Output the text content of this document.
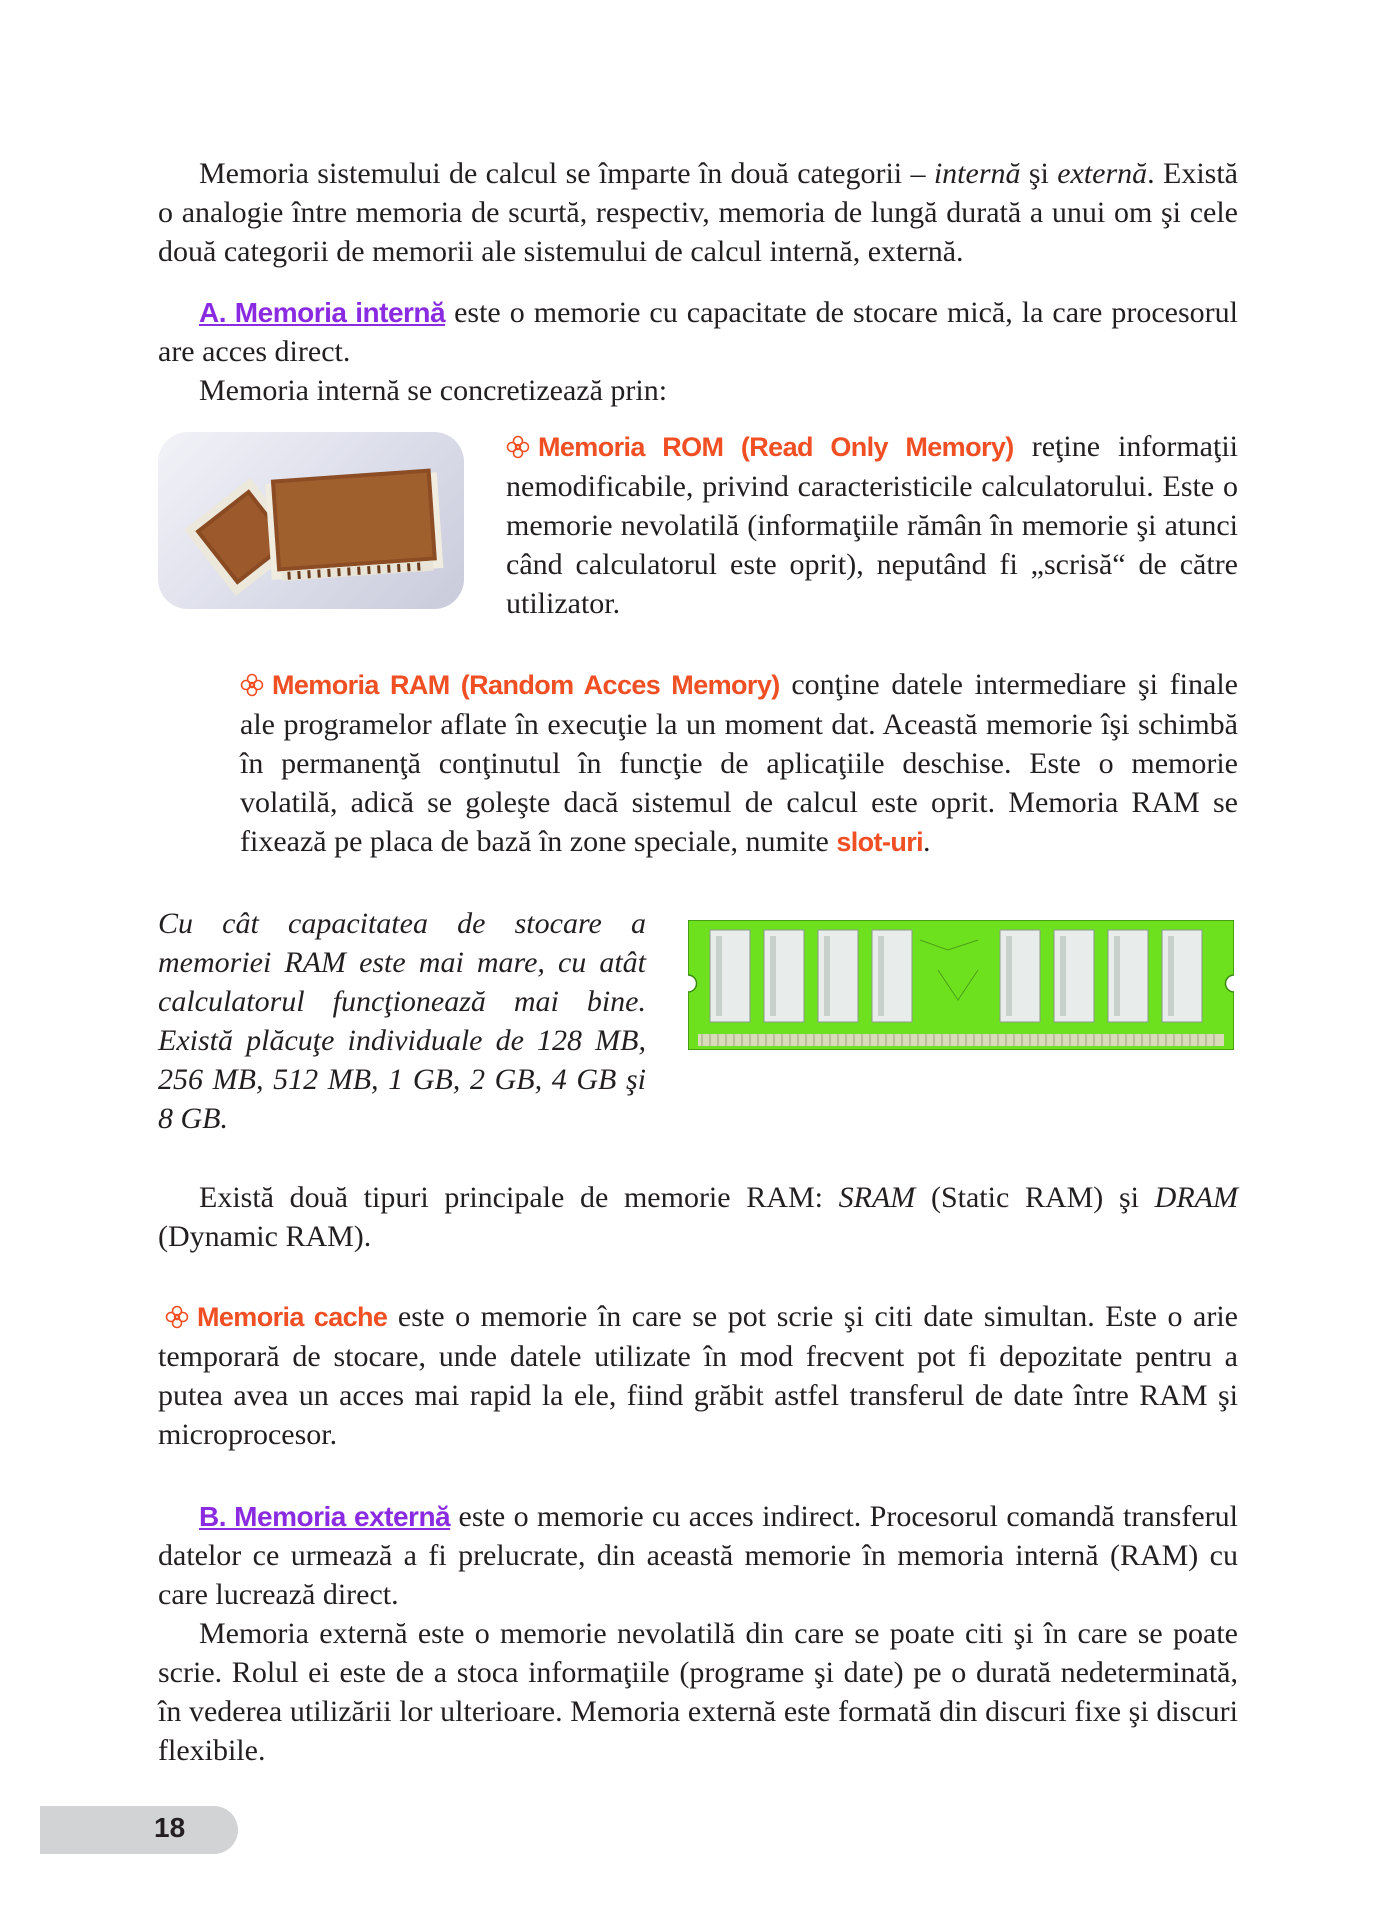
Memoria sistemului de calcul se împarte în două categorii – internă şi externă. Există o analogie între memoria de scurtă, respectiv, memoria de lungă durată a unui om şi cele două categorii de memorii ale sistemului de calcul internă, externă.

A. Memoria internă este o memorie cu capacitate de stocare mică, la care procesorul are acces direct.

Memoria internă se concretizează prin:

Memoria ROM (Read Only Memory) reţine informaţii nemodificabile, privind caracteristicile calculatorului. Este o memorie nevolatilă (informaţiile rămân în memorie şi atunci când calculatorul este oprit), neputând fi „scrisă“ de către utilizator.

Memoria RAM (Random Acces Memory) conţine datele intermediare şi finale ale programelor aflate în execuţie la un moment dat. Această memorie îşi schimbă în permanenţă conţinutul în funcţie de aplicaţiile deschise. Este o memorie volatilă, adică se goleşte dacă sistemul de calcul este oprit. Memoria RAM se fixează pe placa de bază în zone speciale, numite slot-uri.

Cu cât capacitatea de stocare a memoriei RAM este mai mare, cu atât calculatorul funcţionează mai bine. Există plăcuţe individuale de 128 MB, 256 MB, 512 MB, 1 GB, 2 GB, 4 GB şi 8 GB.

Există două tipuri principale de memorie RAM: SRAM (Static RAM) şi DRAM (Dynamic RAM).

Memoria cache este o memorie în care se pot scrie şi citi date simultan. Este o arie temporară de stocare, unde datele utilizate în mod frecvent pot fi depozitate pentru a putea avea un acces mai rapid la ele, fiind grăbit astfel transferul de date între RAM şi microprocesor.

B. Memoria externă este o memorie cu acces indirect. Procesorul comandă transferul datelor ce urmează a fi prelucrate, din această memorie în memoria internă (RAM) cu care lucrează direct.

Memoria externă este o memorie nevolatilă din care se poate citi şi în care se poate scrie. Rolul ei este de a stoca informaţiile (programe şi date) pe o durată nedeterminată, în vederea utilizării lor ulterioare. Memoria externă este formată din discuri fixe şi discuri flexibile.

18
